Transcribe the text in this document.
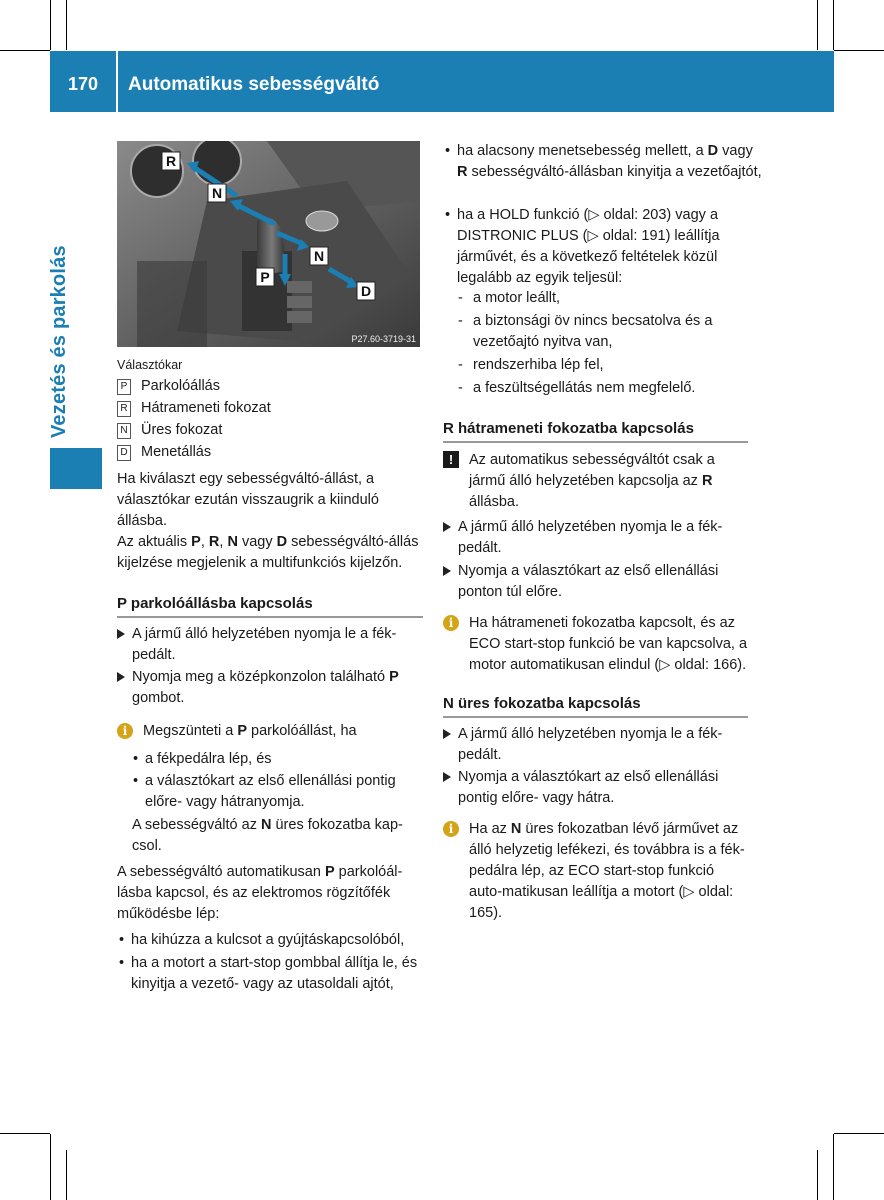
170	Automatikus sebességváltó
Vezetés és parkolás
R
N
N
P
D
P27.60-3719-31
Választókar
P Parkolóállás
R Hátrameneti fokozat
N Üres fokozat
D Menetállás

Ha kiválaszt egy sebességváltó-állást, a választókar ezután visszaugrik a kiinduló állásba.

Az aktuális P, R, N vagy D sebességváltó-állás kijelzése megjelenik a multifunkciós kijelzőn.

P parkolóállásba kapcsolás
A jármű álló helyzetében nyomja le a fék-pedált.
Nyomja meg a középkonzolon található P gombot.
i	Megszünteti a P parkolóállást, ha
• a fékpedálra lép, és
• a választókart az első ellenállási pontig előre- vagy hátranyomja.
A sebességváltó az N üres fokozatba kap-csol.
A sebességváltó automatikusan P parkolóál-lásba kapcsol, és az elektromos rögzítőfék működésbe lép:
• ha kihúzza a kulcsot a gyújtáskapcsolóból,
• ha a motort a start-stop gombbal állítja le, és kinyitja a vezető- vagy az utasoldali ajtót,
• ha alacsony menetsebesség mellett, a D vagy R sebességváltó-állásban kinyitja a vezetőajtót,
• ha a HOLD funkció (▷ oldal: 203) vagy a DISTRONIC PLUS (▷ oldal: 191) leállítja járművét, és a következő feltételek közül legalább az egyik teljesül:
- a motor leállt,
- a biztonsági öv nincs becsatolva és a vezetőajtó nyitva van,
- rendszerhiba lép fel,
- a feszültségellátás nem megfelelő.
R hátrameneti fokozatba kapcsolás
!	Az automatikus sebességváltót csak a jármű álló helyzetében kapcsolja az R állásba.
A jármű álló helyzetében nyomja le a fék-pedált.
Nyomja a választókart az első ellenállási ponton túl előre.
i	Ha hátrameneti fokozatba kapcsolt, és az ECO start-stop funkció be van kapcsolva, a motor automatikusan elindul (▷ oldal: 166).
N üres fokozatba kapcsolás
A jármű álló helyzetében nyomja le a fék-pedált.
Nyomja a választókart az első ellenállási pontig előre- vagy hátra.
i	Ha az N üres fokozatban lévő járművet az álló helyzetig lefékezi, és továbbra is a fék-pedálra lép, az ECO start-stop funkció auto-matikusan leállítja a motort (▷ oldal: 165).
